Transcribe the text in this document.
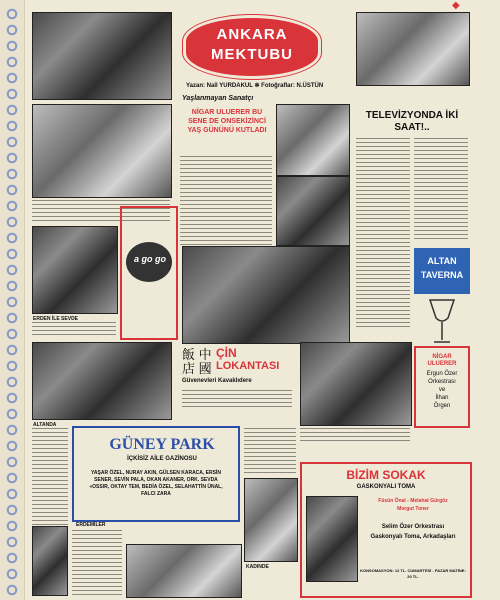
a go go
ERDEN İLE SEVDE
ANKARA
MEKTUBU
Yazan: Naîl YURDAKUL ✻ Fotoğraflar: N.ÜSTÜN
Yaşlanmayan Sanatçı
NİGAR ULUERER BU SENE DE ONSEKİZİNCİ YAŞ GÜNÜNÜ KUTLADI
TELEVİZYONDA İKİ SAAT!..
ALTAN
TAVERNA
ALTANDA
飯 中
店 國
ÇİN
LOKANTASI
Güvenevleri Kavaklıdere
NİGAR
ULUERER
Ergun Özer
Orkestrası
ve
İlhan
Örgen
GÜNEY PARK
İÇKİSİZ AİLE GAZİNOSU
YAŞAR ÖZEL, NURAY AKIN, GÜLSEN KARACA, ERSİN SENER, SEVİN PALA, OKAN AKANER, ORK. SEVDA «OSSIR, OKTAY TEM, BEDİA ÖZEL, SELAHATTİN ÜNAL, FALCI ZARA
KADINDE
BİZİM SOKAK
GASKONYALI TOMA
Füsün Önal - Melahat Gürgöz
Morgut Toner
Selim Özer Orkestrası
Gaskonyalı Toma, Arkadaşları
KONSOMASYON: 12 TL. CUMARTESİ - PAZAR MATİNE: 20 TL.
ERDEMİLER
◆
